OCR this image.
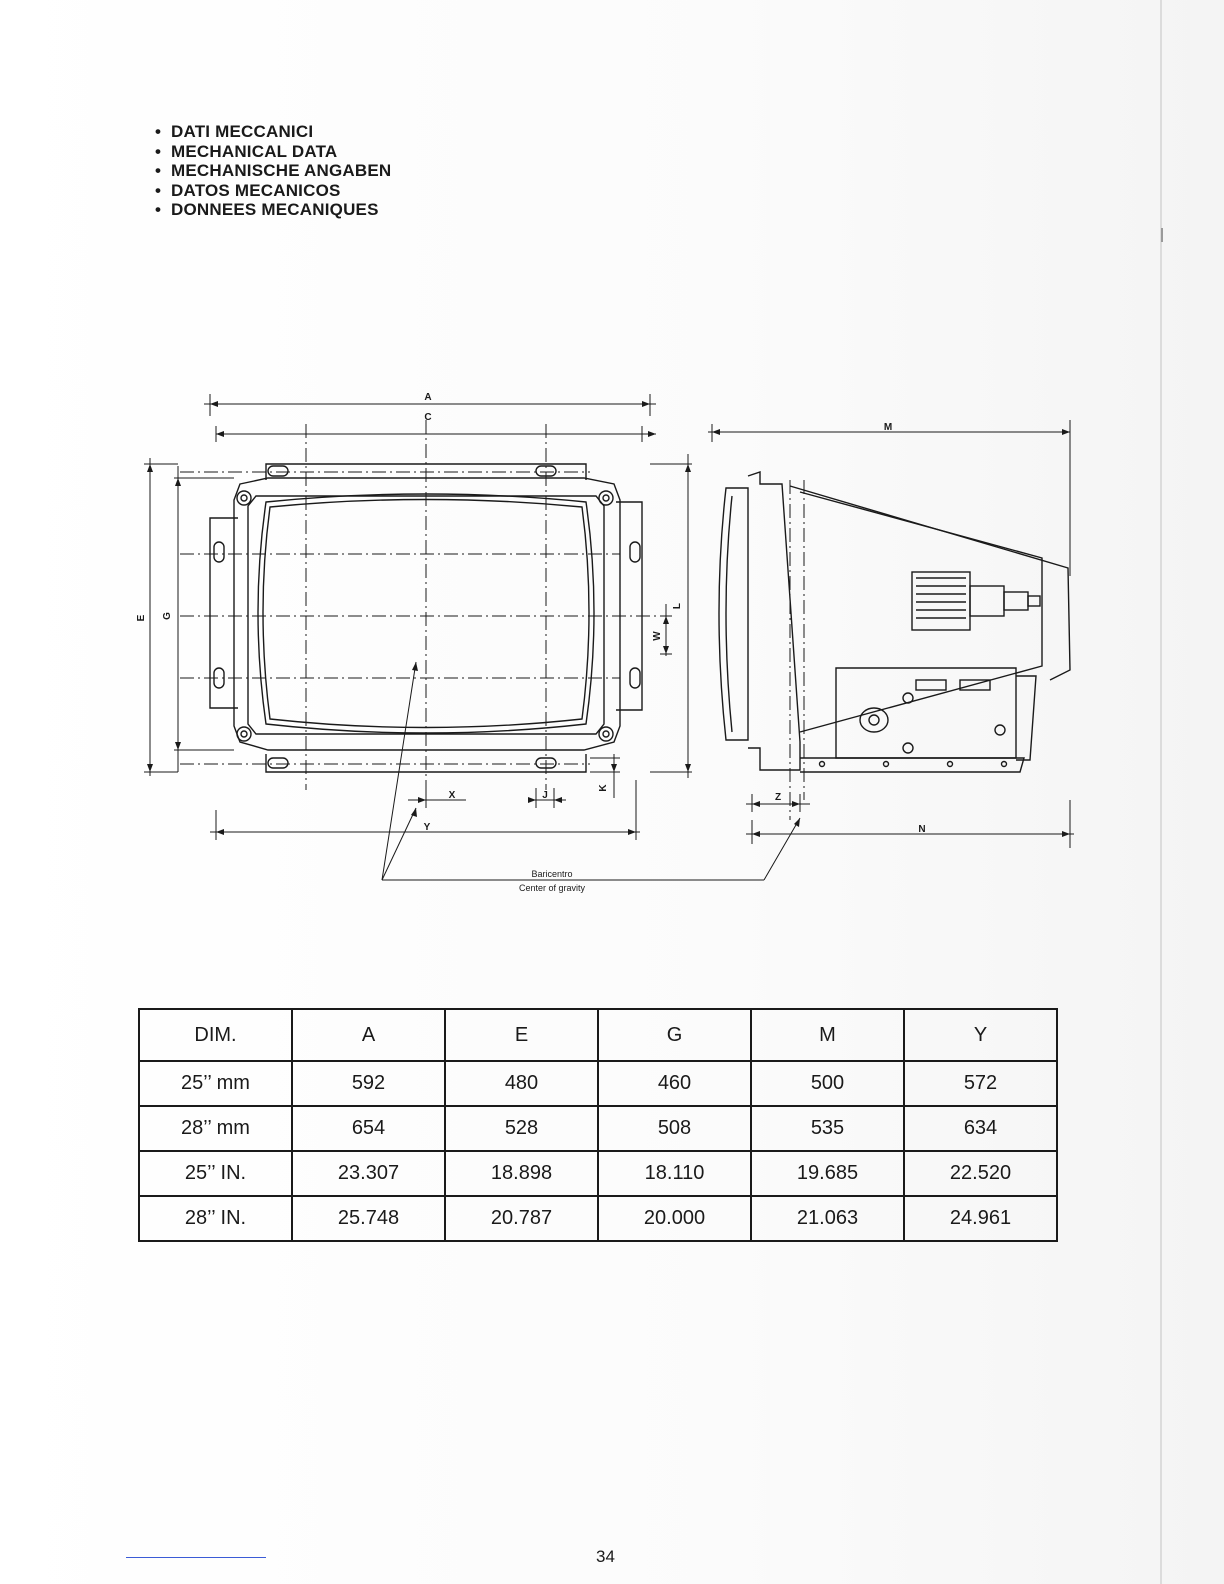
• DATI MECCANICI
• MECHANICAL DATA
• MECHANISCHE ANGABEN
• DATOS MECANICOS
• DONNEES MECANIQUES
A
C
M
E G
L
W
K
X	J
Y
Z
N
Baricentro
Center of gravity
DIM.	A	E	G	M	Y
25’’ mm	592	480	460	500	572
28’’ mm	654	528	508	535	634
25’’ IN.	23.307	18.898	18.110	19.685	22.520
28’’ IN.	25.748	20.787	20.000	21.063	24.961
34
